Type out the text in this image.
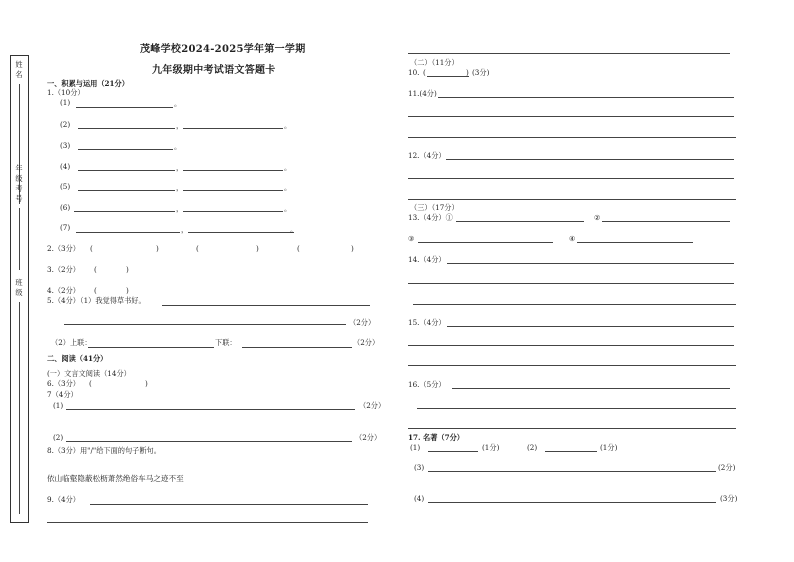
姓名
年级考号
班级
茂峰学校2024-2025学年第一学期
九年级期中考试语文答题卡
一、积累与运用（21分）
1.（10分）
(1)	。
(2)	，	。
(3)	。
(4)	，	。
(5)	，	。
(6)	，	。
(7)	，	。
2.（3分） (	)	(	)	(	)
3.（2分） (	)
4.（2分） (	)
5.（4分）（1）我觉得草书好。
（2分）
（2）上联：	下联：	（2分）
二、阅读（41分）
(一）文言文阅读（14分）
6.（3分） (	)
7（4分）
(1)	（2分）
(2)	（2分）
8.（3分）用"/"给下面的句子断句。
依山临壑隐蔽松枥萧然绝俗车马之迹不至
9.（4分）
（二）（11分）
10. (	) (3分)
11.(4分)
12.（4分）
（三）（17分）
13.（4分）①	②
③	④
14.（4分）
15.（4分）
16.（5分）
17. 名著（7分）
(1)	(1分)	(2)	(1分)
(3)	(2分)
(4)	(3分)
